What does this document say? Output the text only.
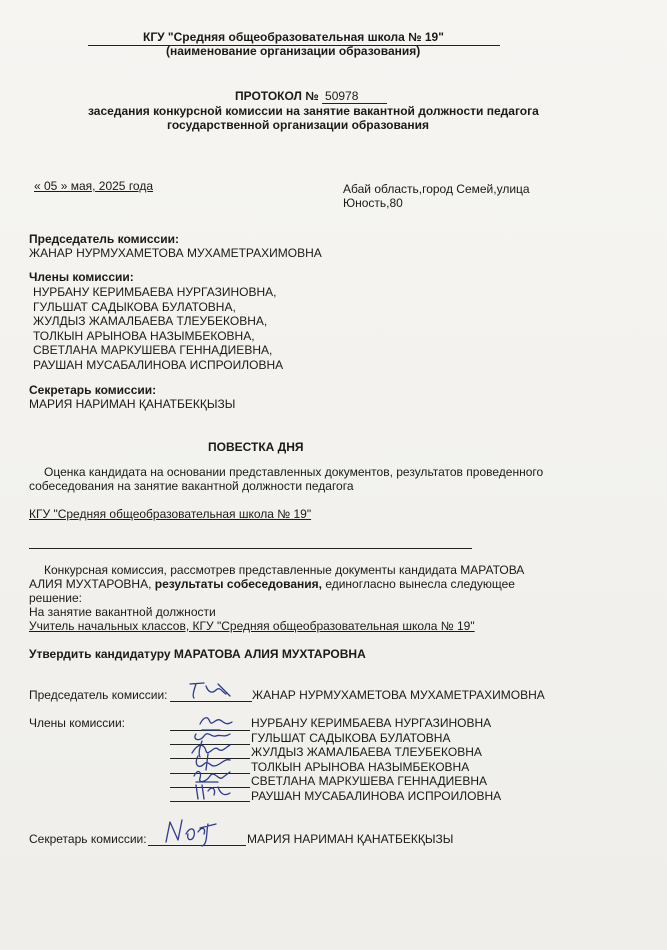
КГУ "Средняя общеобразовательная школа № 19"
(наименование организации образования)
ПРОТОКОЛ № 50978
заседания конкурсной комиссии на занятие вакантной должности педагога
государственной организации образования
« 05 » мая, 2025 года	Абай область,город Семей,улица
Юность,80
Председатель комиссии:
ЖАНАР НУРМУХАМЕТОВА МУХАМЕТРАХИМОВНА
Члены комиссии:
НУРБАНУ КЕРИМБАЕВА НУРГАЗИНОВНА,
ГУЛЬШАТ САДЫКОВА БУЛАТОВНА,
ЖУЛДЫЗ ЖАМАЛБАЕВА ТЛЕУБЕКОВНА,
ТОЛКЫН АРЫНОВА НАЗЫМБЕКОВНА,
СВЕТЛАНА МАРКУШЕВА ГЕННАДИЕВНА,
РАУШАН МУСАБАЛИНОВА ИСПРОИЛОВНА
Секретарь комиссии:
МАРИЯ НАРИМАН ҚАНАТБЕКҚЫЗЫ
ПОВЕСТКА ДНЯ
Оценка кандидата на основании представленных документов, результатов проведенного
собеседования на занятие вакантной должности педагога
КГУ "Средняя общеобразовательная школа № 19"
Конкурсная комиссия, рассмотрев представленные документы кандидата МАРАТОВА
АЛИЯ МУХТАРОВНА, результаты собеседования, единогласно вынесла следующее
решение:
На занятие вакантной должности
Учитель начальных классов, КГУ "Средняя общеобразовательная школа № 19"
Утвердить кандидатуру МАРАТОВА АЛИЯ МУХТАРОВНА
Председатель комиссии:	ЖАНАР НУРМУХАМЕТОВА МУХАМЕТРАХИМОВНА
Члены комиссии:	НУРБАНУ КЕРИМБАЕВА НУРГАЗИНОВНА
ГУЛЬШАТ САДЫКОВА БУЛАТОВНА
ЖУЛДЫЗ ЖАМАЛБАЕВА ТЛЕУБЕКОВНА
ТОЛКЫН АРЫНОВА НАЗЫМБЕКОВНА
СВЕТЛАНА МАРКУШЕВА ГЕННАДИЕВНА
РАУШАН МУСАБАЛИНОВА ИСПРОИЛОВНА
Секретарь комиссии:	МАРИЯ НАРИМАН ҚАНАТБЕКҚЫЗЫ
